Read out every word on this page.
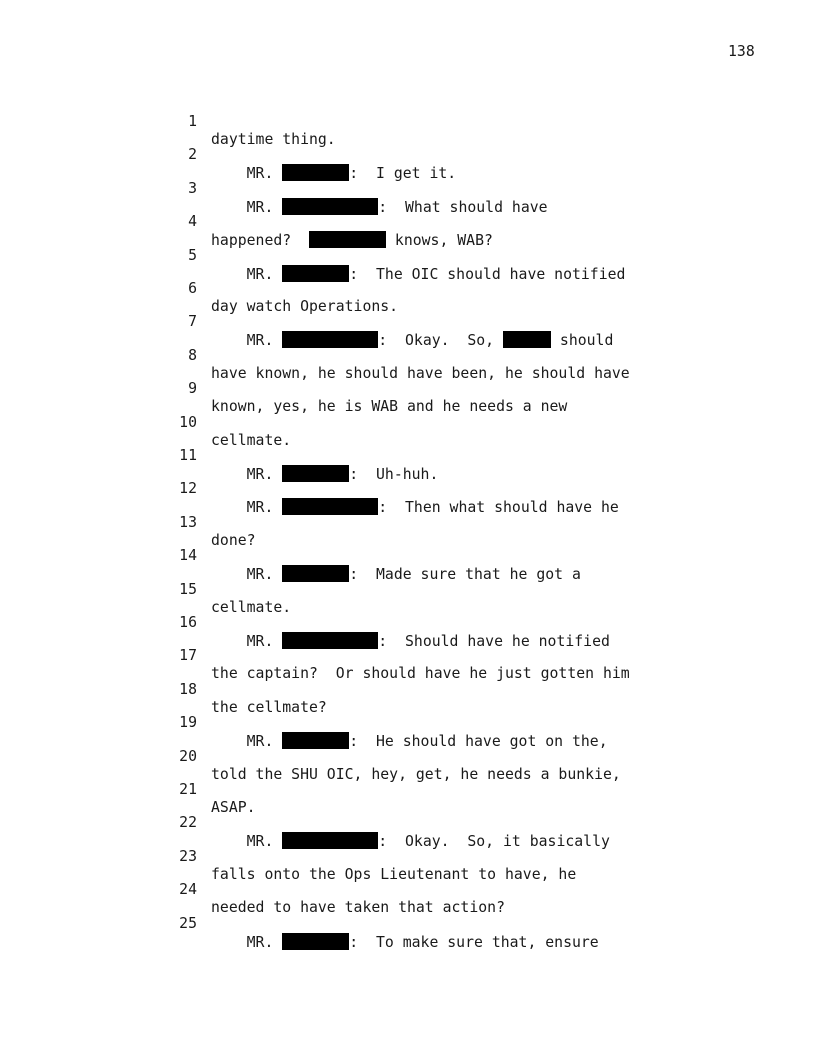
138

1

daytime thing.

2

MR.	:  I get it.

3

MR.	:  What should have

4

happened?	knows, WAB?

5

MR.	:  The OIC should have notified

6

day watch Operations.

7

MR.	:  Okay.  So,	should

8

have known, he should have been, he should have

9

known, yes, he is WAB and he needs a new

10

cellmate.

11

MR.	:  Uh-huh.

12

MR.	:  Then what should have he

13

done?

14

MR.	:  Made sure that he got a

15

cellmate.

16

MR.	:  Should have he notified

17

the captain?  Or should have he just gotten him

18

the cellmate?

19

MR.	:  He should have got on the,

20

told the SHU OIC, hey, get, he needs a bunkie,

21

ASAP.

22

MR.	:  Okay.  So, it basically

23

falls onto the Ops Lieutenant to have, he

24

needed to have taken that action?

25

MR.	:  To make sure that, ensure
